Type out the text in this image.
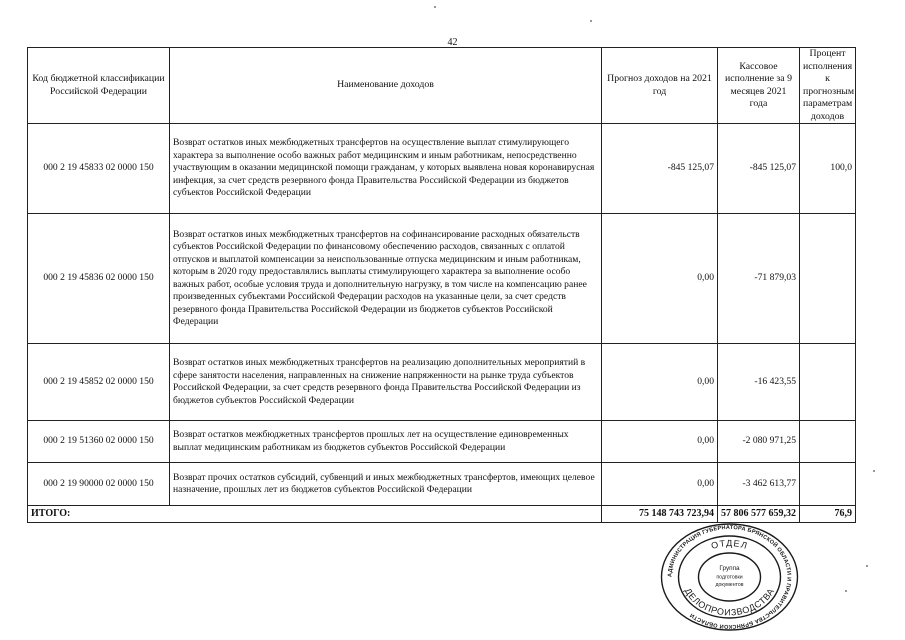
42
Код бюджетной классификации Российской Федерации	Наименование доходов	Прогноз доходов на 2021 год	Кассовое исполнение за 9 месяцев 2021 года	Процент исполнения к прогнозным параметрам доходов
000 2 19 45833 02 0000 150	Возврат остатков иных межбюджетных трансфертов на осуществление выплат стимулирующего характера за выполнение особо важных работ медицинским и иным работникам, непосредственно участвующим в оказании медицинской помощи гражданам, у которых выявлена новая коронавирусная инфекция, за счет средств резервного фонда Правительства Российской Федерации из бюджетов субъектов Российской Федерации	-845 125,07	-845 125,07	100,0
000 2 19 45836 02 0000 150	Возврат остатков иных межбюджетных трансфертов на софинансирование расходных обязательств субъектов Российской Федерации по финансовому обеспечению расходов, связанных с оплатой отпусков и выплатой компенсации за неиспользованные отпуска медицинским и иным работникам, которым в 2020 году предоставлялись выплаты стимулирующего характера за выполнение особо важных работ, особые условия труда и дополнительную нагрузку, в том числе на компенсацию ранее произведенных субъектами Российской Федерации расходов на указанные цели, за счет средств резервного фонда Правительства Российской Федерации из бюджетов субъектов Российской Федерации	0,00	-71 879,03	
000 2 19 45852 02 0000 150	Возврат остатков иных межбюджетных трансфертов на реализацию дополнительных мероприятий в сфере занятости населения, направленных на снижение напряженности на рынке труда субъектов Российской Федерации, за счет средств резервного фонда Правительства Российской Федерации из бюджетов субъектов Российской Федерации	0,00	-16 423,55	
000 2 19 51360 02 0000 150	Возврат остатков межбюджетных трансфертов прошлых лет на осуществление единовременных выплат медицинским работникам из бюджетов субъектов Российской Федерации	0,00	-2 080 971,25	
000 2 19 90000 02 0000 150	Возврат прочих остатков субсидий, субвенций и иных межбюджетных трансфертов, имеющих целевое назначение, прошлых лет из бюджетов субъектов Российской Федерации	0,00	-3 462 613,77	
ИТОГО:		75 148 743 723,94	57 806 577 659,32	76,9
АДМИНИСТРАЦИЯ ГУБЕРНАТОРА БРЯНСКОЙ ОБЛАСТИ И ПРАВИТЕЛЬСТВА БРЯНСКОЙ ОБЛАСТИ
ОТДЕЛ
ДЕЛОПРОИЗВОДСТВА
Группа
подготовки
документов
